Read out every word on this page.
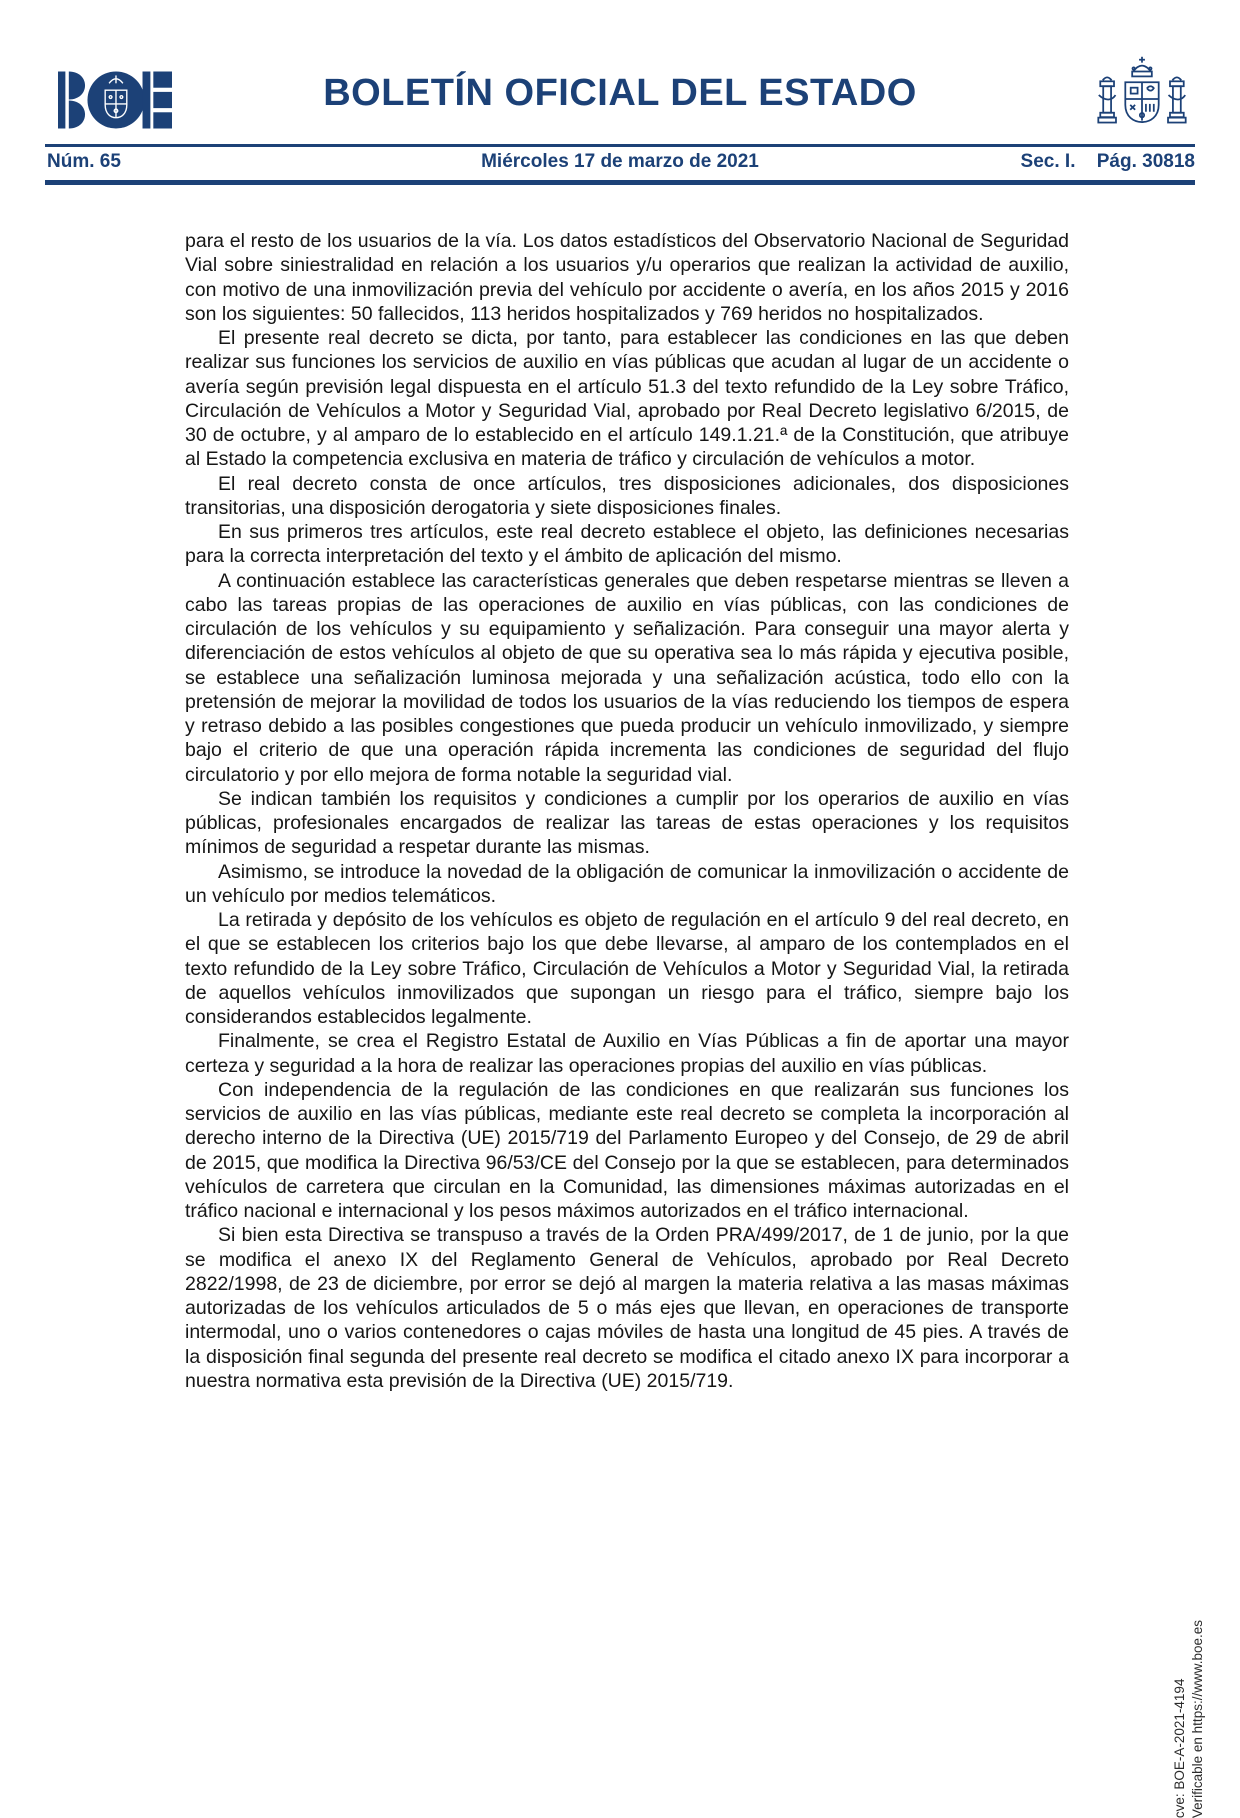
BOLETÍN OFICIAL DEL ESTADO
Núm. 65	Miércoles 17 de marzo de 2021	Sec. I. Pág. 30818

para el resto de los usuarios de la vía. Los datos estadísticos del Observatorio Nacional de Seguridad Vial sobre siniestralidad en relación a los usuarios y/u operarios que realizan la actividad de auxilio, con motivo de una inmovilización previa del vehículo por accidente o avería, en los años 2015 y 2016 son los siguientes: 50 fallecidos, 113 heridos hospitalizados y 769 heridos no hospitalizados.

El presente real decreto se dicta, por tanto, para establecer las condiciones en las que deben realizar sus funciones los servicios de auxilio en vías públicas que acudan al lugar de un accidente o avería según previsión legal dispuesta en el artículo 51.3 del texto refundido de la Ley sobre Tráfico, Circulación de Vehículos a Motor y Seguridad Vial, aprobado por Real Decreto legislativo 6/2015, de 30 de octubre, y al amparo de lo establecido en el artículo 149.1.21.ª de la Constitución, que atribuye al Estado la competencia exclusiva en materia de tráfico y circulación de vehículos a motor.

El real decreto consta de once artículos, tres disposiciones adicionales, dos disposiciones transitorias, una disposición derogatoria y siete disposiciones finales.

En sus primeros tres artículos, este real decreto establece el objeto, las definiciones necesarias para la correcta interpretación del texto y el ámbito de aplicación del mismo.

A continuación establece las características generales que deben respetarse mientras se lleven a cabo las tareas propias de las operaciones de auxilio en vías públicas, con las condiciones de circulación de los vehículos y su equipamiento y señalización. Para conseguir una mayor alerta y diferenciación de estos vehículos al objeto de que su operativa sea lo más rápida y ejecutiva posible, se establece una señalización luminosa mejorada y una señalización acústica, todo ello con la pretensión de mejorar la movilidad de todos los usuarios de la vías reduciendo los tiempos de espera y retraso debido a las posibles congestiones que pueda producir un vehículo inmovilizado, y siempre bajo el criterio de que una operación rápida incrementa las condiciones de seguridad del flujo circulatorio y por ello mejora de forma notable la seguridad vial.

Se indican también los requisitos y condiciones a cumplir por los operarios de auxilio en vías públicas, profesionales encargados de realizar las tareas de estas operaciones y los requisitos mínimos de seguridad a respetar durante las mismas.

Asimismo, se introduce la novedad de la obligación de comunicar la inmovilización o accidente de un vehículo por medios telemáticos.

La retirada y depósito de los vehículos es objeto de regulación en el artículo 9 del real decreto, en el que se establecen los criterios bajo los que debe llevarse, al amparo de los contemplados en el texto refundido de la Ley sobre Tráfico, Circulación de Vehículos a Motor y Seguridad Vial, la retirada de aquellos vehículos inmovilizados que supongan un riesgo para el tráfico, siempre bajo los considerandos establecidos legalmente.

Finalmente, se crea el Registro Estatal de Auxilio en Vías Públicas a fin de aportar una mayor certeza y seguridad a la hora de realizar las operaciones propias del auxilio en vías públicas.

Con independencia de la regulación de las condiciones en que realizarán sus funciones los servicios de auxilio en las vías públicas, mediante este real decreto se completa la incorporación al derecho interno de la Directiva (UE) 2015/719 del Parlamento Europeo y del Consejo, de 29 de abril de 2015, que modifica la Directiva 96/53/CE del Consejo por la que se establecen, para determinados vehículos de carretera que circulan en la Comunidad, las dimensiones máximas autorizadas en el tráfico nacional e internacional y los pesos máximos autorizados en el tráfico internacional.

Si bien esta Directiva se transpuso a través de la Orden PRA/499/2017, de 1 de junio, por la que se modifica el anexo IX del Reglamento General de Vehículos, aprobado por Real Decreto 2822/1998, de 23 de diciembre, por error se dejó al margen la materia relativa a las masas máximas autorizadas de los vehículos articulados de 5 o más ejes que llevan, en operaciones de transporte intermodal, uno o varios contenedores o cajas móviles de hasta una longitud de 45 pies. A través de la disposición final segunda del presente real decreto se modifica el citado anexo IX para incorporar a nuestra normativa esta previsión de la Directiva (UE) 2015/719.

cve: BOE-A-2021-4194 Verificable en https://www.boe.es
